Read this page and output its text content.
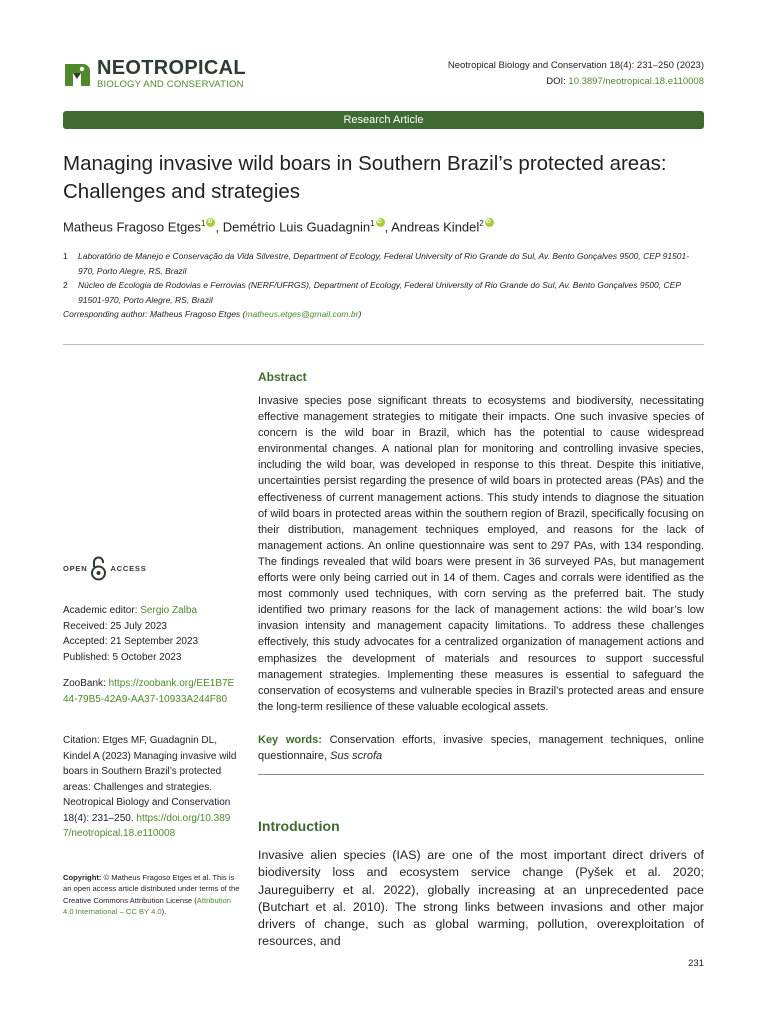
NEOTROPICAL
BIOLOGY AND CONSERVATION
Neotropical Biology and Conservation 18(4): 231–250 (2023)
DOI: 10.3897/neotropical.18.e110008
Research Article
Managing invasive wild boars in Southern Brazil’s protected areas: Challenges and strategies
Matheus Fragoso Etges$^1$ iD , Demétrio Luis Guadagnin$^1$ iD , Andreas Kindel$^2$iD
1	Laboratório de Manejo e Conservação da Vida Silvestre, Department of Ecology, Federal University of Rio Grande do Sul, Av. Bento Gonçalves 9500, CEP 91501-970, Porto Alegre, RS, Brazil
2	Núcleo de Ecologia de Rodovias e Ferrovias (NERF/UFRGS), Department of Ecology, Federal University of Rio Grande do Sul, Av. Bento Gonçalves 9500, CEP 91501-970, Porto Alegre, RS, Brazil
Corresponding author: Matheus Fragoso Etges (matheus.etges@gmail.com.br)
Abstract
Invasive species pose significant threats to ecosystems and biodiversity, necessitating effective management strategies to mitigate their impacts. One such invasive species of concern is the wild boar in Brazil, which has the potential to cause widespread environmental changes. A national plan for monitoring and controlling invasive species, including the wild boar, was developed in response to this threat. Despite this initiative, uncertainties persist regarding the presence of wild boars in protected areas (PAs) and the effectiveness of current management actions. This study intends to diagnose the situation of wild boars in protected areas within the southern region of Brazil, specifically focusing on their distribution, management techniques employed, and reasons for the lack of management actions. An online questionnaire was sent to 297 PAs, with 134 responding. The findings revealed that wild boars were present in 36 surveyed PAs, but management efforts were only being carried out in 14 of them. Cages and corrals were identified as the most commonly used techniques, with corn serving as the preferred bait. The study identified two primary reasons for the lack of management actions: the wild boar’s low invasion intensity and management capacity limitations. To address these challenges effectively, this study advocates for a centralized organization of management actions and emphasizes the development of materials and resources to support successful management strategies. Implementing these measures is essential to safeguard the conservation of ecosystems and vulnerable species in Brazil’s protected areas and ensure the long-term resilience of these valuable ecological assets.
Key words: Conservation efforts, invasive species, management techniques, online questionnaire, Sus scrofa
Introduction
Invasive alien species (IAS) are one of the most important direct drivers of biodiversity loss and ecosystem service change (Pyšek et al. 2020; Jaureguiberry et al. 2022), globally increasing at an unprecedented pace (Butchart et al. 2010). The strong links between invasions and other major drivers of change, such as global warming, pollution, overexploitation of resources, and
OPEN	ACCESS
Academic editor: Sergio Zalba
Received: 25 July 2023
Accepted: 21 September 2023
Published: 5 October 2023
ZooBank: https://zoobank.org/EE1B7E44-79B5-42A9-AA37-10933A244F80
Citation: Etges MF, Guadagnin DL, Kindel A (2023) Managing invasive wild boars in Southern Brazil’s protected areas: Challenges and strategies. Neotropical Biology and Conservation 18(4): 231–250. https://doi.org/10.3897/neotropical.18.e110008
Copyright: © Matheus Fragoso Etges et al. This is an open access article distributed under terms of the Creative Commons Attribution License (Attribution 4.0 International – CC BY 4.0).
231
